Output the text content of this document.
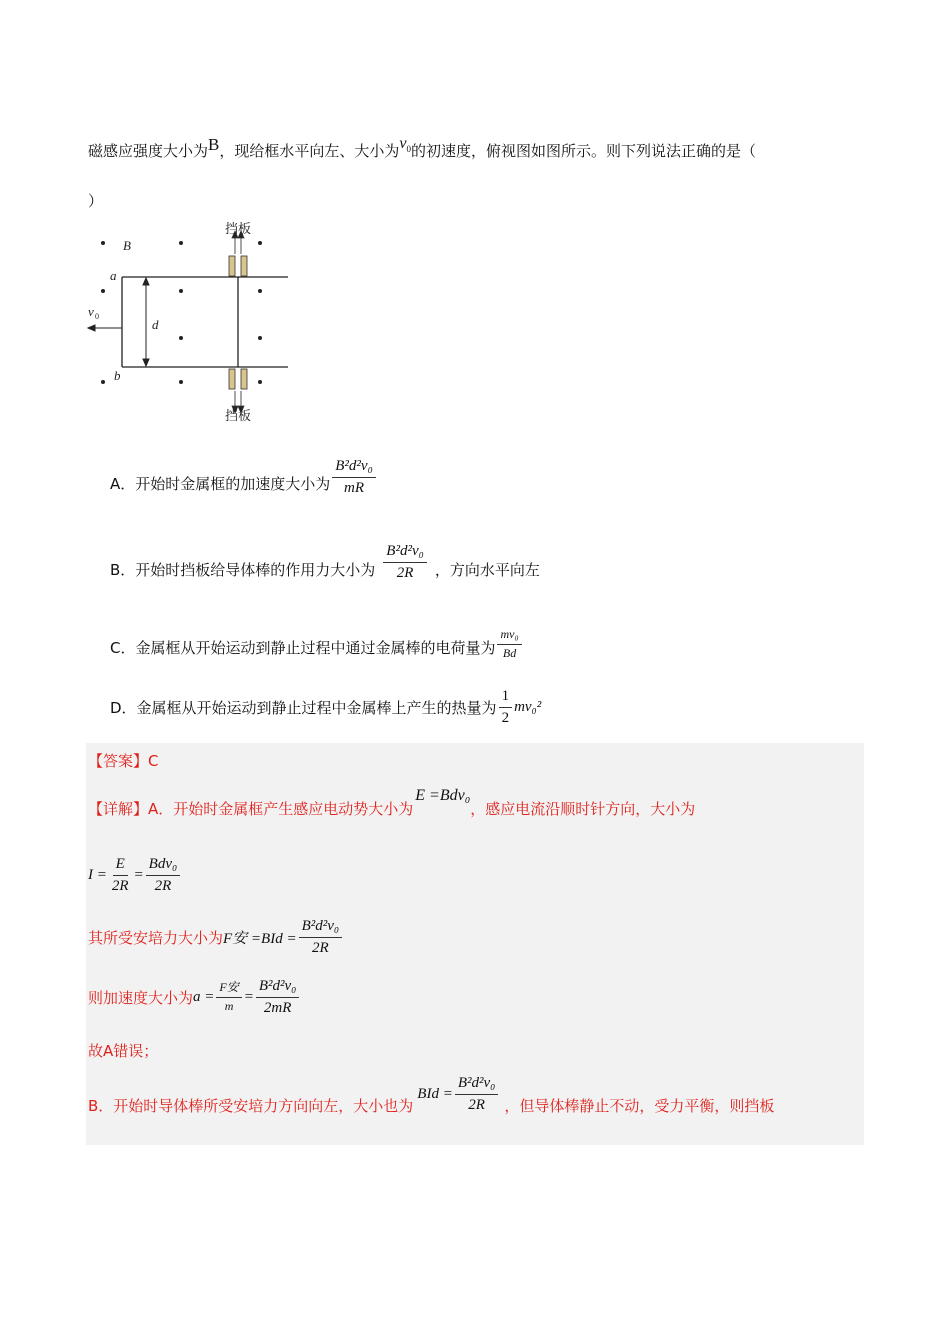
磁感应强度大小为B，现给框水平向左、大小为$v_0$的初速度，俯视图如图所示。则下列说法正确的是（
）
挡板
挡板
B
a
b
d
v 0
A．开始时金属框的加速度大小为 $\frac{\text{B²d²v₀}}{mR}$
B．开始时挡板给导体棒的作用力大小为 $\frac{\text{B²d²v₀}}{2R}$ ，方向水平向左
C．金属框从开始运动到静止过程中通过金属棒的电荷量为 $\frac{\text{mv₀}}{Bd}$
D．金属框从开始运动到静止过程中金属棒上产生的热量为 $\frac{1}{2} mv_0^2$
【答案】C
【详解】 A．开始时金属框产生感应电动势大小为
E =Bdv₀
，感应电流沿顺时针方向，大小为
$I = \frac{E}{2R} = \frac{\text{Bdv₀}}{2R}$
其所受安培力大小为 F安 $=BId = \frac{\text{B²d²v₀}}{2R}$
则加速度大小为 $a = \frac{\text{F安}}{m} = \frac{\text{B²d²v₀}}{2mR}$
故A错误；
B．开始时导体棒所受安培力方向向左，大小也为
BId = $\frac{\text{B²d²v₀}}{2R}$ ，但导体棒静止不动，受力平衡，则挡板
